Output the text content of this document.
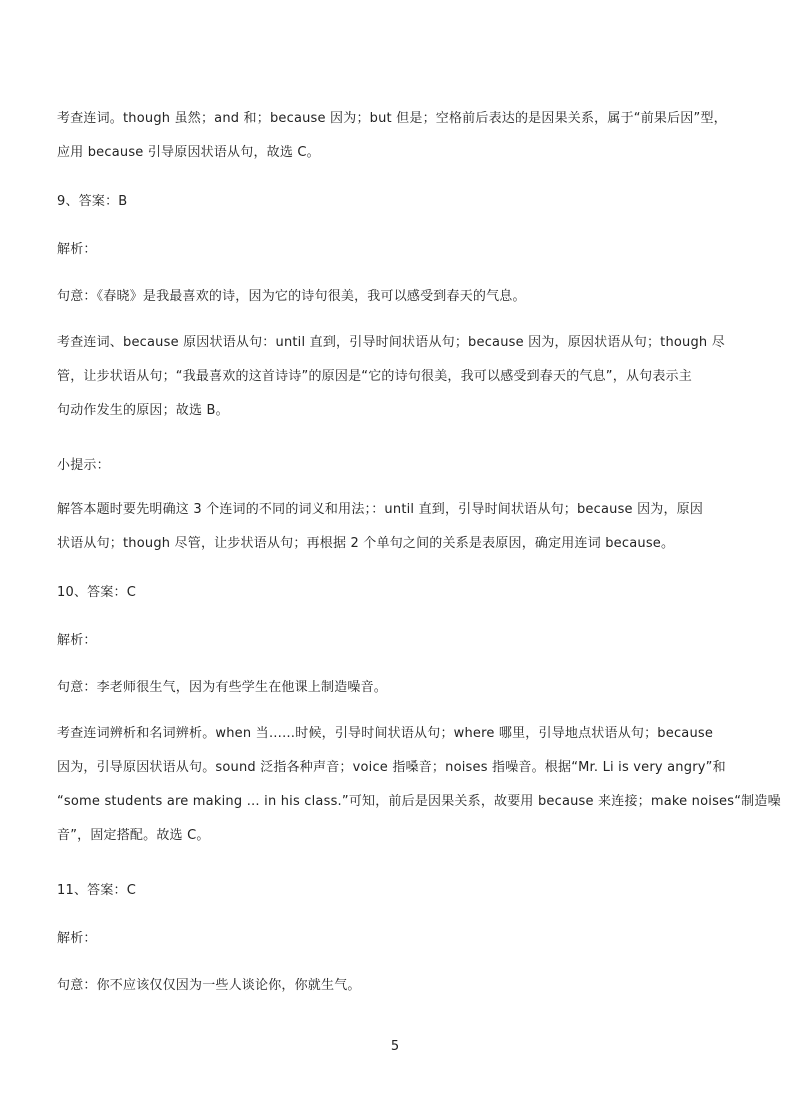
考查连词。though 虽然；and 和；because 因为；but 但是；空格前后表达的是因果关系，属于“前果后因”型，
应用 because 引导原因状语从句，故选 C。
9、答案：B
解析：
句意：《春晓》是我最喜欢的诗，因为它的诗句很美，我可以感受到春天的气息。
考查连词、because 原因状语从句：until 直到，引导时间状语从句；because 因为，原因状语从句；though 尽
管，让步状语从句；“我最喜欢的这首诗诗”的原因是“它的诗句很美，我可以感受到春天的气息”，从句表示主
句动作发生的原因；故选 B。
小提示：
解答本题时要先明确这 3 个连词的不同的词义和用法；：until 直到，引导时间状语从句；because 因为，原因
状语从句；though 尽管，让步状语从句；再根据 2 个单句之间的关系是表原因，确定用连词 because。
10、答案：C
解析：
句意：李老师很生气，因为有些学生在他课上制造噪音。
考查连词辨析和名词辨析。when 当……时候，引导时间状语从句；where 哪里，引导地点状语从句；because
因为，引导原因状语从句。sound 泛指各种声音；voice 指嗓音；noises 指噪音。根据“Mr. Li is very angry”和
“some students are making … in his class.”可知，前后是因果关系，故要用 because 来连接；make noises“制造噪
音”，固定搭配。故选 C。
11、答案：C
解析：
句意：你不应该仅仅因为一些人谈论你，你就生气。
5
